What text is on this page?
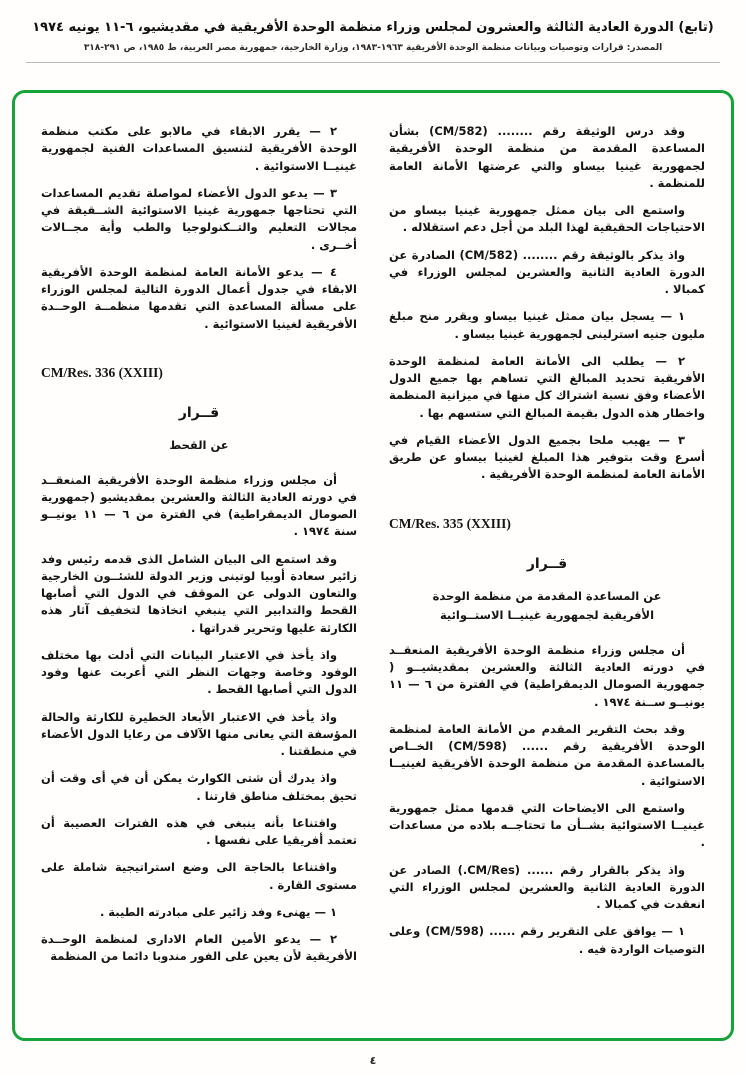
(تابع) الدورة العادية الثالثة والعشرون لمجلس وزراء منظمة الوحدة الأفريقية في مقديشيو، ٦-١١ يونيه ١٩٧٤
المصدر: قرارات وتوصيات وبيانات منظمة الوحدة الأفريقية ١٩٦٣-١٩٨٣، وزارة الخارجية، جمهورية مصر العربية، ط ١٩٨٥، ص ٢٩١-٣١٨
وقد درس الوثيقة رقم ........ (CM/582) بشأن المساعدة المقدمة من منظمة الوحدة الأفريقية لجمهورية غينيا بيساو والتي عرضتها الأمانة العامة للمنظمة .
واستمع الى بيان ممثل جمهورية غينيا بيساو من الاحتياجات الحقيقية لهذا البلد من أجل دعم استقلاله .
واذ يذكر بالوثيقة رقم ........ (CM/582) الصادرة عن الدورة العادية الثانية والعشرين لمجلس الوزراء في كمبالا .
١ — يسجل بيان ممثل غينيا بيساو ويقرر منح مبلغ مليون جنيه استرلينى لجمهورية غينيا بيساو .
٢ — يطلب الى الأمانة العامة لمنظمة الوحدة الأفريقية تحديد المبالغ التي تساهم بها جميع الدول الأعضاء وفق نسبة اشتراك كل منها في ميزانية المنظمة واخطار هذه الدول بقيمة المبالغ التي ستسهم بها .
٣ — يهيب ملحا بجميع الدول الأعضاء القيام في أسرع وقت بتوفير هذا المبلغ لغينيا بيساو عن طريق الأمانة العامة لمنظمة الوحدة الأفريقية .
CM/Res. 335 (XXIII)
قــرار
عن المساعدة المقدمة من منظمة الوحدة الأفريقية لجمهورية غينيــا الاستــوائية
أن مجلس وزراء منظمة الوحدة الأفريقية المنعقــد في دورته العادية الثالثة والعشرين بمقديشيــو ( جمهورية الصومال الديمقراطية) في الفترة من ٦ — ١١ يونيــو ســنة ١٩٧٤ .
وقد بحث التقرير المقدم من الأمانة العامة لمنظمة الوحدة الأفريقية رقم ...... (CM/598) الخــاص بالمساعدة المقدمة من منظمة الوحدة الأفريقية لغينيــا الاستوائية .
واستمع الى الايضاحات التي قدمها ممثل جمهورية غينيــا الاستوائية بشــأن ما تحتاجــه بلاده من مساعدات .
واذ يذكر بالقرار رقم ...... (CM/Res.) الصادر عن الدورة العادية الثانية والعشرين لمجلس الوزراء التي انعقدت في كمبالا .
١ — يوافق على التقرير رقم ...... (CM/598) وعلى التوصيات الواردة فيه .
٢ — يقرر الابقاء في مالابو على مكتب منظمة الوحدة الأفريقية لتنسيق المساعدات الفنية لجمهورية غينيــا الاستوائية .
٣ — يدعو الدول الأعضاء لمواصلة تقديم المساعدات التي تحتاجها جمهورية غينيا الاستوائية الشــقيقة في مجالات التعليم والتــكنولوجيا والطب وأية مجــالات أخــرى .
٤ — يدعو الأمانة العامة لمنظمة الوحدة الأفريقية الابقاء في جدول أعمال الدورة التالية لمجلس الوزراء على مسألة المساعدة التي تقدمها منظمــة الوحــدة الأفريقية لغينيا الاستوائية .
CM/Res. 336 (XXIII)
قــرار
عن القحط
أن مجلس وزراء منظمة الوحدة الأفريقية المنعقــد في دورته العادية الثالثة والعشرين بمقديشيو (جمهورية الصومال الديمقراطية) في الفترة من ٦ — ١١ يونيــو سنة ١٩٧٤ .
وقد استمع الى البيان الشامل الذى قدمه رئيس وفد زائير سعادة أوبيا لوتينى وزير الدولة للشئــون الخارجية والتعاون الدولى عن الموقف في الدول التي أصابها القحط والتدابير التي ينبغي اتخاذها لتخفيف آثار هذه الكارثة عليها وتحرير قدراتها .
واذ يأخذ في الاعتبار البيانات التي أدلت بها مختلف الوفود وخاصة وجهات النظر التي أعربت عنها وفود الدول التي أصابها القحط .
واذ يأخذ في الاعتبار الأبعاد الخطيرة للكارثة والحالة المؤسفة التي يعانى منها الآلاف من رعايا الدول الأعضاء في منطقتنا .
واذ يدرك أن شتى الكوارث يمكن أن في أى وقت أن تحيق بمختلف مناطق قارتنا .
واقتناعا بأنه ينبغى في هذه الفترات العصيبة أن تعتمد أفريقيا على نفسها .
واقتناعا بالحاجة الى وضع استراتيجية شاملة على مستوى القارة .
١ — يهنىء وفد زائير على مبادرته الطيبة .
٢ — يدعو الأمين العام الادارى لمنظمة الوحــدة الأفريقية لأن يعين على الفور مندوبا دائما من المنظمة
٤
